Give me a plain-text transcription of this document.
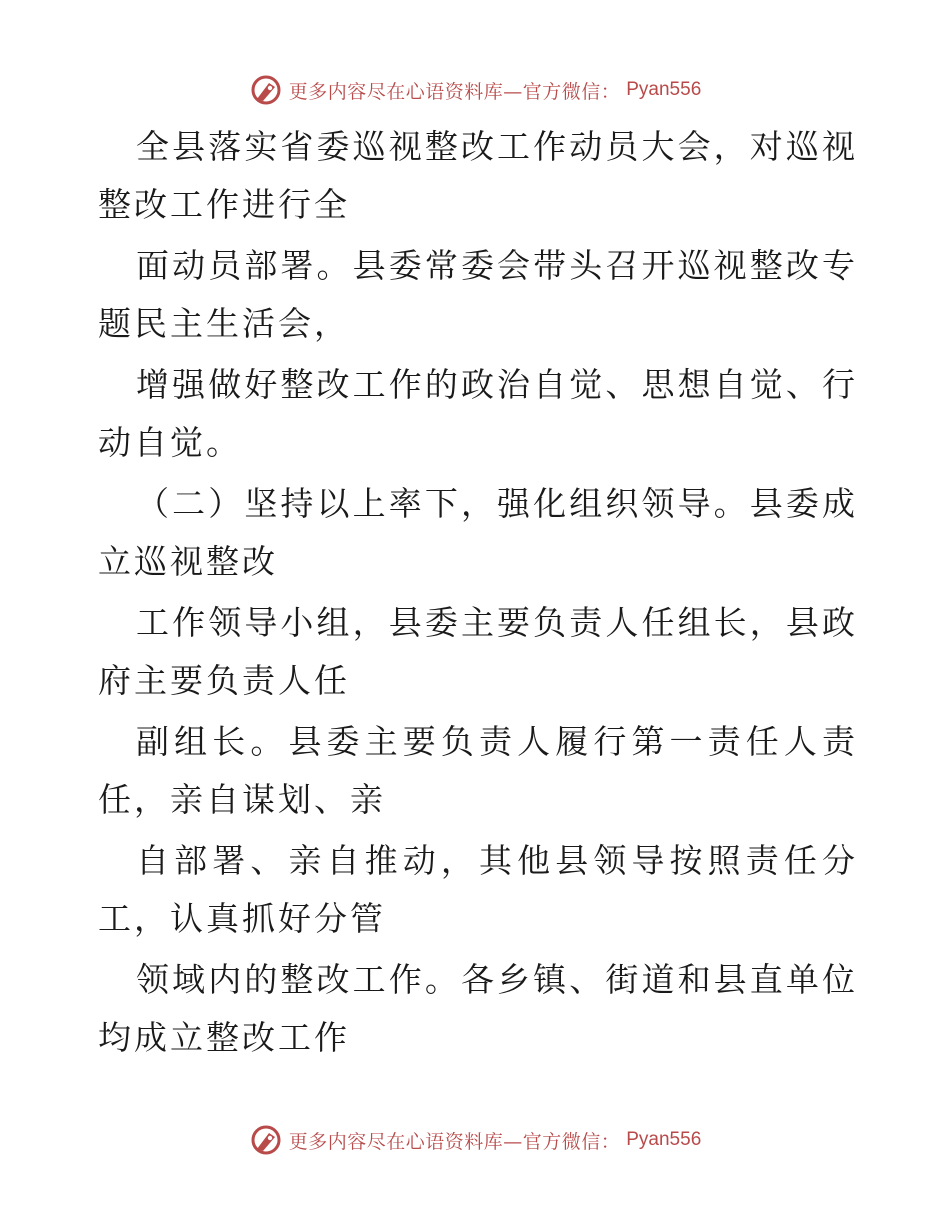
更多内容尽在心语资料库—官方微信： Pyan556

全县落实省委巡视整改工作动员大会，对巡视整改工作进行全

面动员部署。县委常委会带头召开巡视整改专题民主生活会，

增强做好整改工作的政治自觉、思想自觉、行动自觉。

（二）坚持以上率下，强化组织领导。县委成立巡视整改

工作领导小组，县委主要负责人任组长，县政府主要负责人任

副组长。县委主要负责人履行第一责任人责任，亲自谋划、亲

自部署、亲自推动，其他县领导按照责任分工，认真抓好分管

领域内的整改工作。各乡镇、街道和县直单位均成立整改工作

更多内容尽在心语资料库—官方微信： Pyan556
